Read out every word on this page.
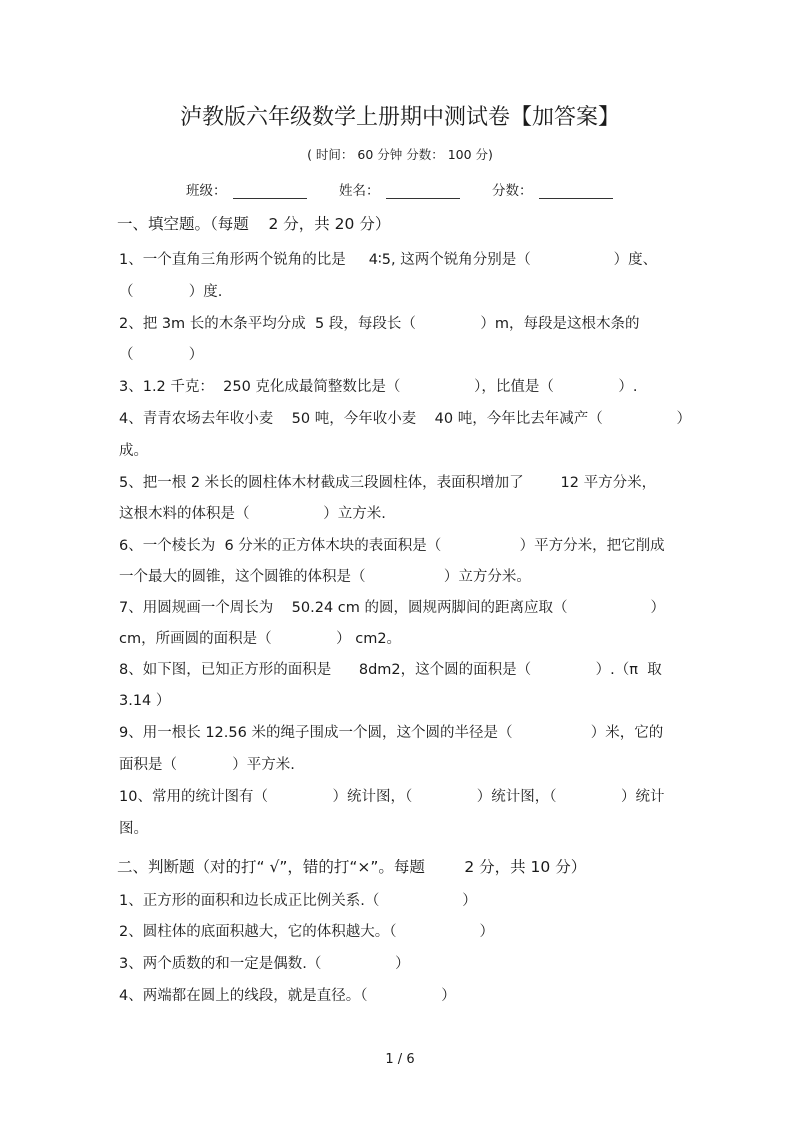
泸教版六年级数学上册期中测试卷【加答案】
( 时间： 60 分钟 分数： 100 分)
班级：	姓名：	分数：
一、填空题。（每题    2 分，共 20 分）
1、一个直角三角形两个锐角的比是     4∶5, 这两个锐角分别是（                  ）度、
（            ）度.
2、把 3m 长的木条平均分成  5 段，每段长（              ）m，每段是这根木条的
（            ）
3、1.2 千克：  250 克化成最简整数比是（                ），比值是（              ）.
4、青青农场去年收小麦    50 吨，今年收小麦    40 吨，今年比去年减产（                ）
成。
5、把一根 2 米长的圆柱体木材截成三段圆柱体，表面积增加了        12 平方分米，
这根木料的体积是（                ）立方米.
6、一个棱长为  6 分米的正方体木块的表面积是（                 ）平方分米，把它削成
一个最大的圆锥，这个圆锥的体积是（                 ）立方分米。
7、用圆规画一个周长为    50.24 cm 的圆，圆规两脚间的距离应取（                  ）
cm，所画圆的面积是（              ） cm2。
8、如下图，已知正方形的面积是      8dm2，这个圆的面积是（              ）.（π  取
3.14 ）
9、用一根长 12.56 米的绳子围成一个圆，这个圆的半径是（                 ）米，它的
面积是（            ）平方米.
10、常用的统计图有（              ）统计图，（              ）统计图，（              ）统计
图。
二、判断题（对的打“ √”，错的打“×”。每题        2 分，共 10 分）
1、正方形的面积和边长成正比例关系.（                  ）
2、圆柱体的底面积越大，它的体积越大。（                  ）
3、两个质数的和一定是偶数.（                ）
4、两端都在圆上的线段，就是直径。（                ）
1 / 6
